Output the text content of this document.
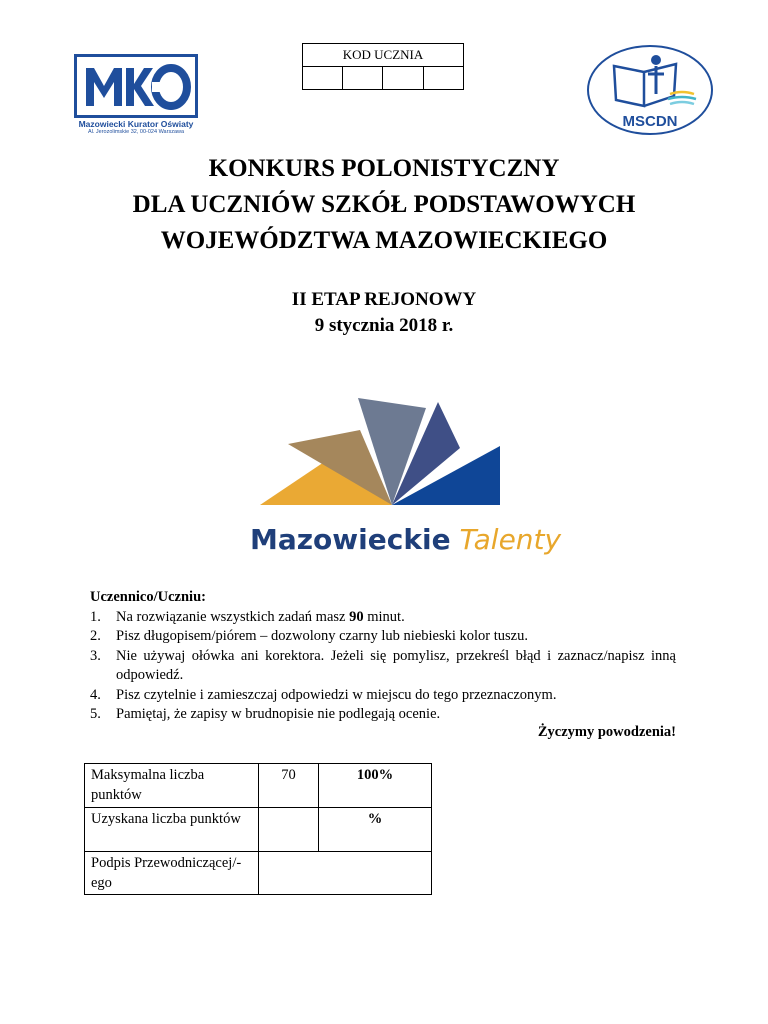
Mazowiecki Kurator Oświaty
Al. Jerozolimskie 32, 00-024 Warszawa
KOD UCZNIA

MSCDN
KONKURS POLONISTYCZNY
DLA UCZNIÓW SZKÓŁ PODSTAWOWYCH
WOJEWÓDZTWA MAZOWIECKIEGO
II ETAP REJONOWY
9 stycznia 2018 r.
Mazowieckie Talenty
Uczennico/Uczniu:
1. Na rozwiązanie wszystkich zadań masz 90 minut.
2. Pisz długopisem/piórem – dozwolony czarny lub niebieski kolor tuszu.
3. Nie używaj ołówka ani korektora. Jeżeli się pomylisz, przekreśl błąd i zaznacz/napisz inną odpowiedź.
4. Pisz czytelnie i zamieszczaj odpowiedzi w miejscu do tego przeznaczonym.
5. Pamiętaj, że zapisy w brudnopisie nie podlegają ocenie.
Życzymy powodzenia!
Maksymalna liczba punktów	70	100%
Uzyskana liczba punktów		%
Podpis Przewodniczącej/-ego		
